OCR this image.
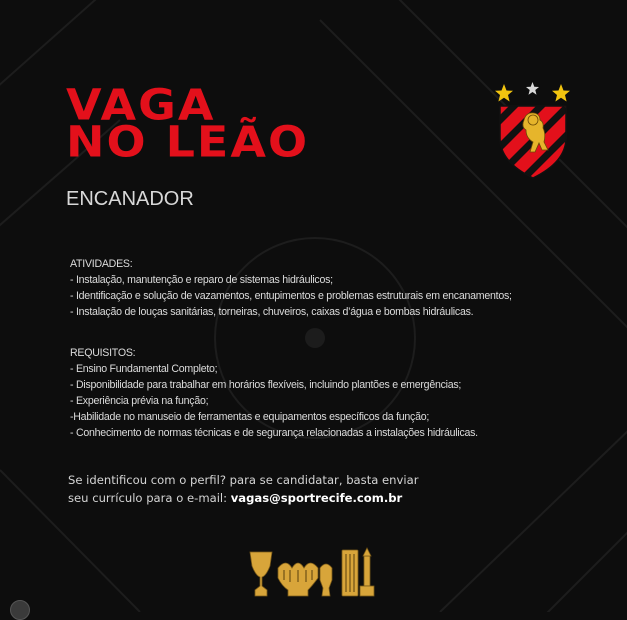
VAGA
NO LEÃO
ENCANADOR
ATIVIDADES:
- Instalação, manutenção e reparo de sistemas hidráulicos;
- Identificação e solução de vazamentos, entupimentos e problemas estruturais em encanamentos;
- Instalação de louças sanitárias, torneiras, chuveiros, caixas d’água e bombas hidráulicas.
REQUISITOS:
- Ensino Fundamental Completo;
- Disponibilidade para trabalhar em horários flexíveis, incluindo plantões e emergências;
- Experiência prévia na função;
-Habilidade no manuseio de ferramentas e equipamentos específicos da função;
- Conhecimento de normas técnicas e de segurança relacionadas a instalações hidráulicas.
Se identificou com o perfil? para se candidatar, basta enviar
seu currículo para o e-mail: vagas@sportrecife.com.br
